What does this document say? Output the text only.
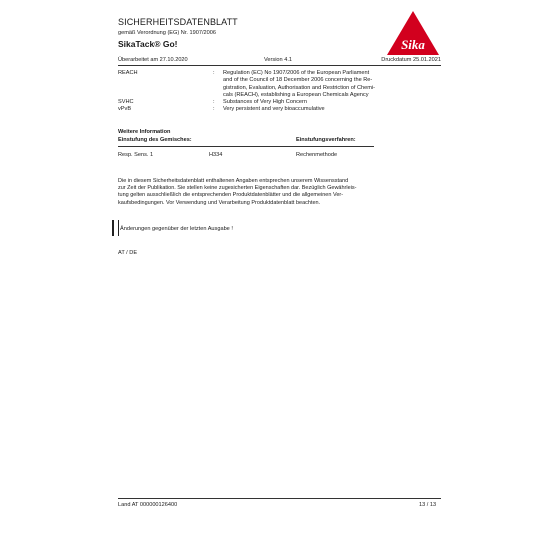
SICHERHEITSDATENBLATT
gemäß Verordnung (EG) Nr. 1907/2006
SikaTack® Go!	Sika
Überarbeitet am 27.10.2020	Version 4.1	Druckdatum 25.01.2021
REACH	: Regulation (EC) No 1907/2006 of the European Parliament
and of the Council of 18 December 2006 concerning the Re-
gistration, Evaluation, Authorisation and Restriction of Chemi-
cals (REACH), establishing a European Chemicals Agency
SVHC	: Substances of Very High Concern
vPvB	: Very persistent and very bioaccumulative
Weitere Information
Einstufung des Gemisches:	Einstufungsverfahren:
Resp. Sens. 1	H334	Rechenmethode
Die in diesem Sicherheitsdatenblatt enthaltenen Angaben entsprechen unserem Wissensstand
zur Zeit der Publikation. Sie stellen keine zugesicherten Eigenschaften dar. Bezüglich Gewährleis-
tung gelten ausschließlich die entsprechenden Produktdatenblätter und die allgemeinen Ver-
kaufsbedingungen. Vor Verwendung und Verarbeitung Produktdatenblatt beachten.
Änderungen gegenüber der letzten Ausgabe !
AT / DE
Land AT 000000126400	13 / 13
